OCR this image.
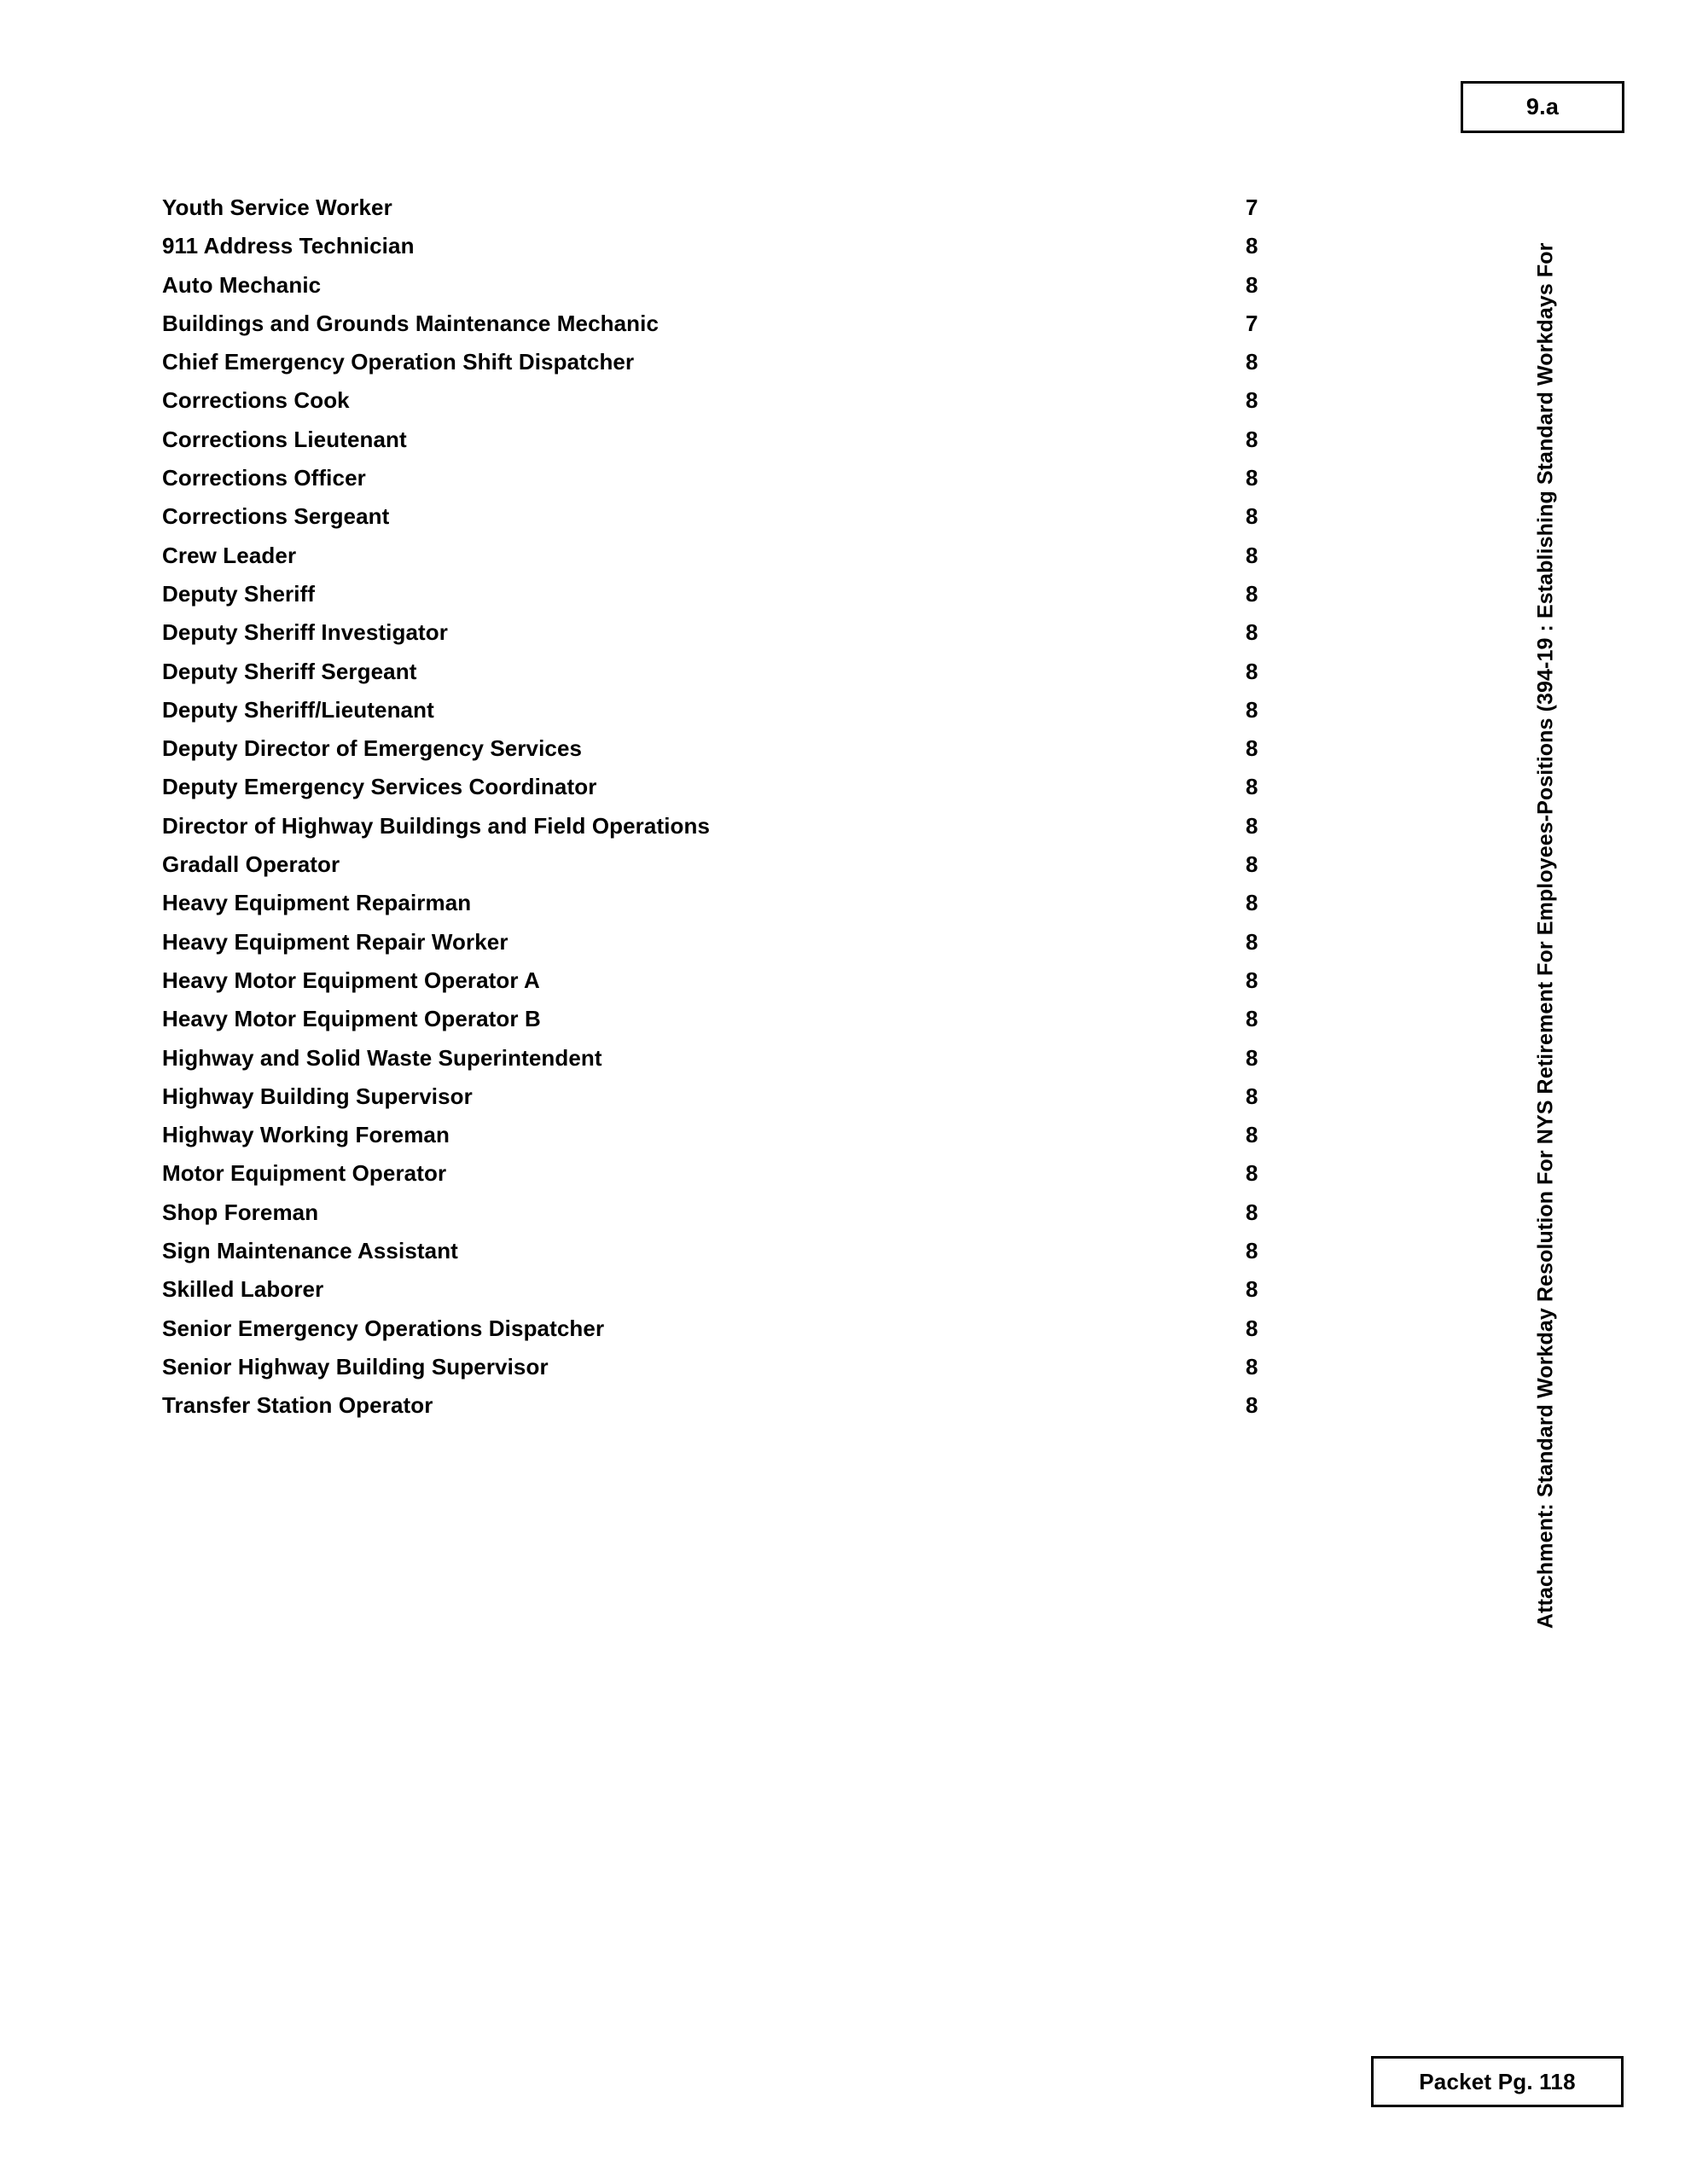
9.a
Youth Service Worker	7
911 Address Technician	8
Auto Mechanic	8
Buildings and Grounds Maintenance Mechanic	7
Chief Emergency Operation Shift Dispatcher	8
Corrections Cook	8
Corrections Lieutenant	8
Corrections Officer	8
Corrections Sergeant	8
Crew Leader	8
Deputy Sheriff	8
Deputy Sheriff Investigator	8
Deputy Sheriff Sergeant	8
Deputy Sheriff/Lieutenant	8
Deputy Director of Emergency Services	8
Deputy Emergency Services Coordinator	8
Director of Highway Buildings and Field Operations	8
Gradall Operator	8
Heavy Equipment Repairman	8
Heavy Equipment Repair Worker	8
Heavy Motor Equipment Operator A	8
Heavy Motor Equipment Operator B	8
Highway and Solid Waste Superintendent	8
Highway Building Supervisor	8
Highway Working Foreman	8
Motor Equipment Operator	8
Shop Foreman	8
Sign Maintenance Assistant	8
Skilled Laborer	8
Senior Emergency Operations Dispatcher	8
Senior Highway Building Supervisor	8
Transfer Station Operator	8	Attachment: Standard Workday Resolution For NYS Retirement For Employees-Positions (394-19 : Establishing Standard Workdays For
Packet Pg. 118
